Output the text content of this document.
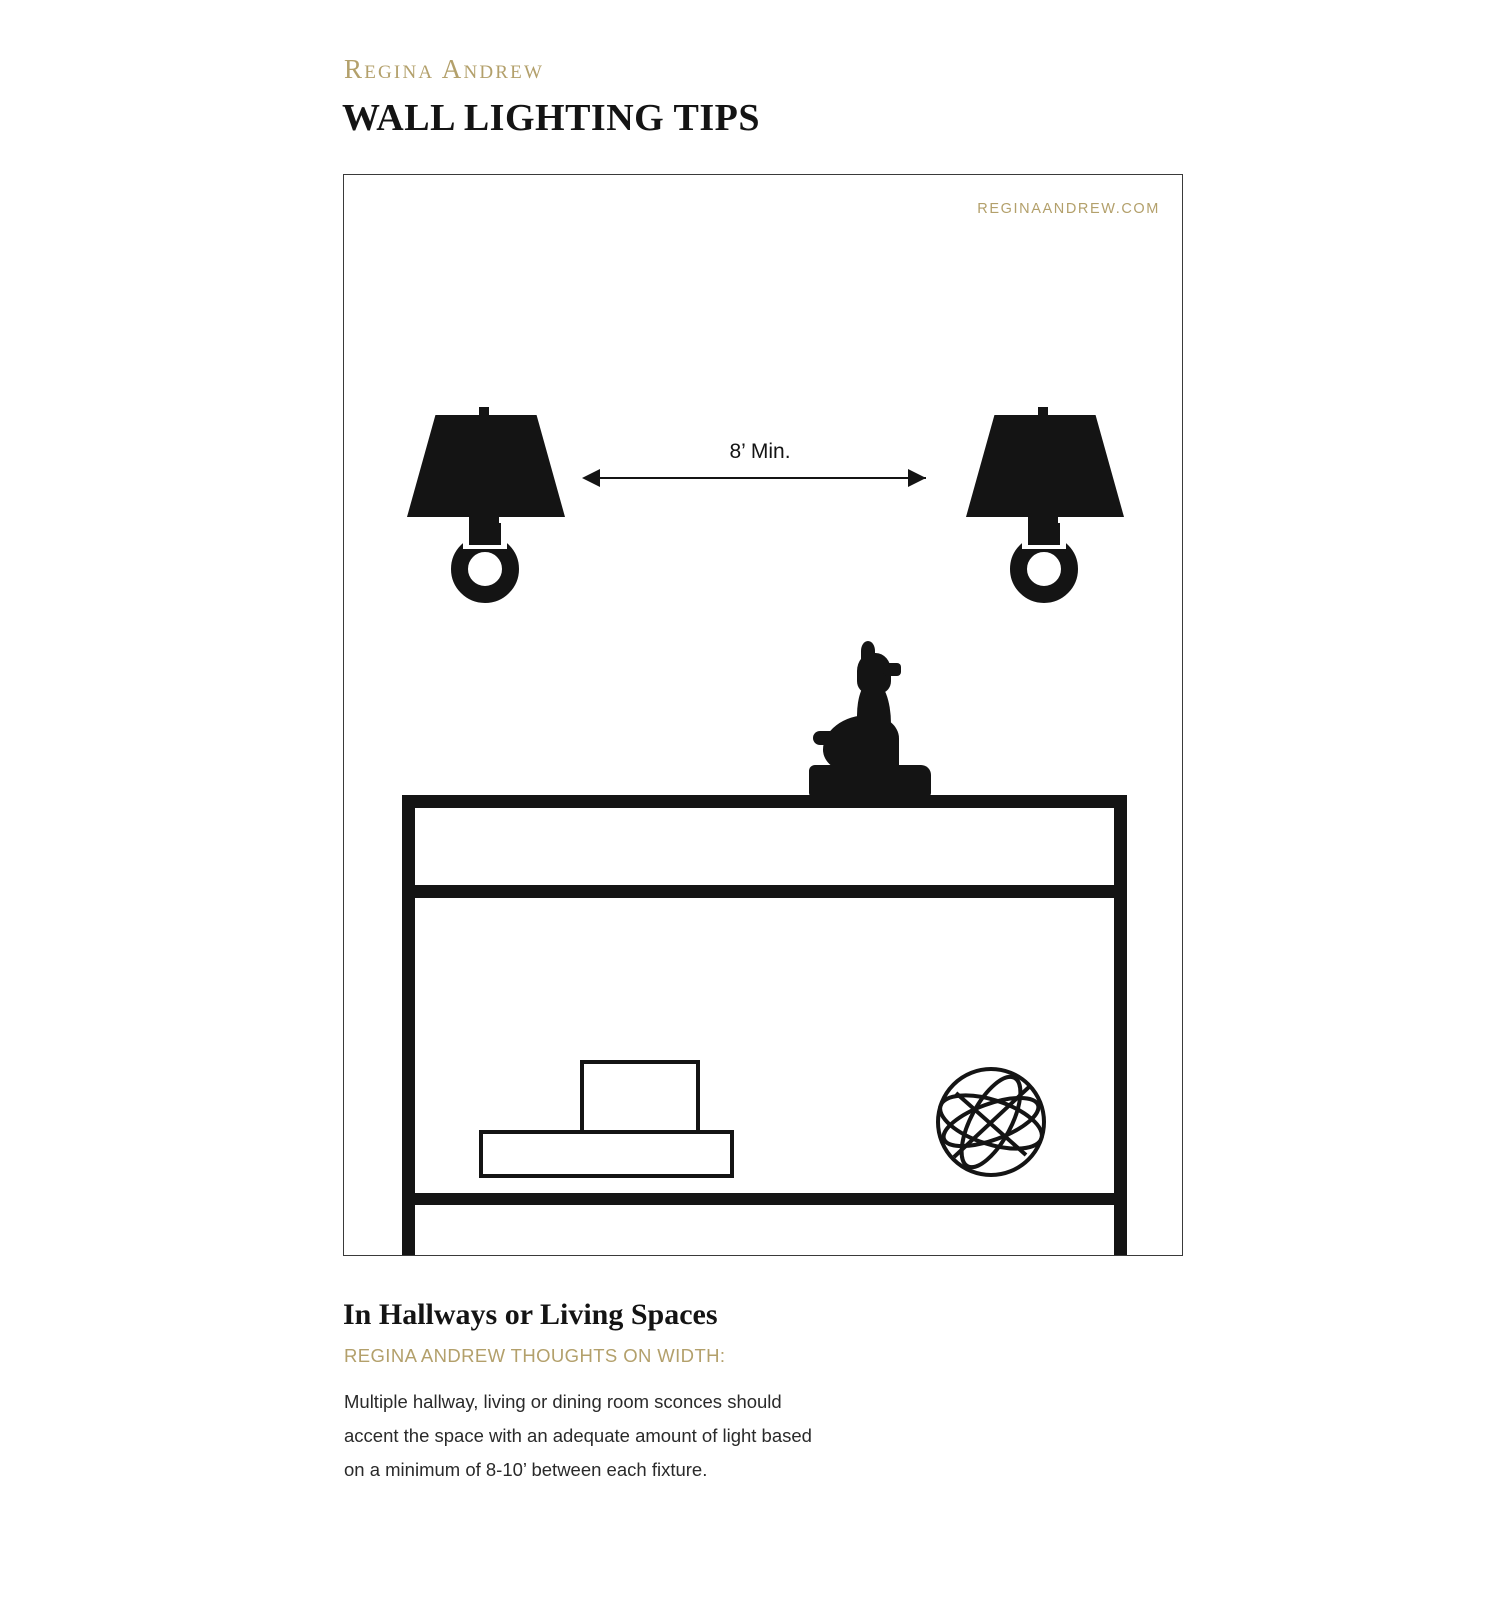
Regina Andrew
WALL LIGHTING TIPS
REGINAANDREW.COM
8’ Min.
In Hallways or Living Spaces
REGINA ANDREW THOUGHTS ON WIDTH:
Multiple hallway, living or dining room sconces should accent the space with an adequate amount of light based on a minimum of 8-10’ between each fixture.
